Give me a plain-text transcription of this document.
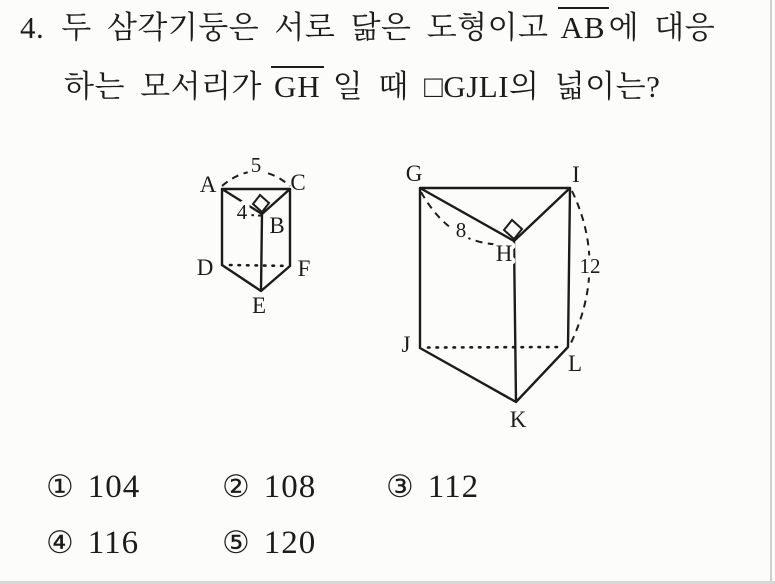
4. 두 삼각기둥은 서로 닮은 도형이고 AB에 대응
하는 모서리가 GH 일 때 □GJLI의 넓이는?
5
4
A	C
B
D	F
E
8
12
G	I
H
J
L
K
① 104	② 108 ③ 112
④ 116	⑤ 120
